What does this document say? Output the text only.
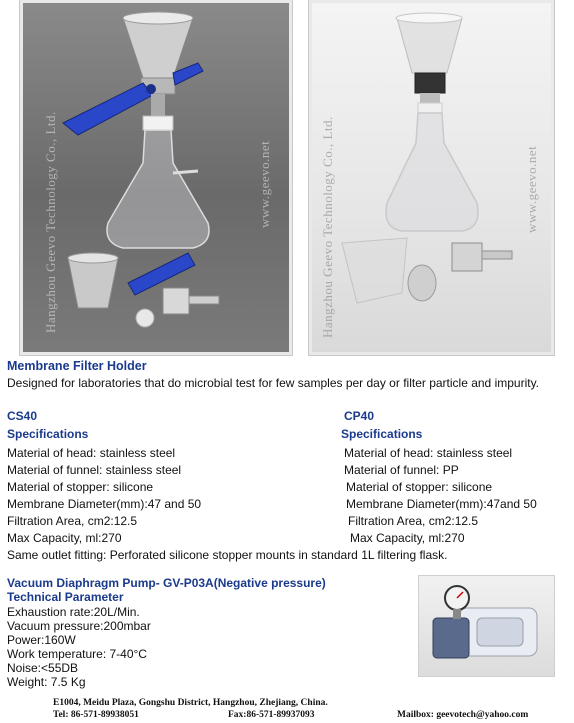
Hangzhou Geevo Technology Co., Ltd.	www.geevo.net	Hangzhou Geevo Technology Co., Ltd.	www.geevo.net
Membrane Filter Holder
Designed for laboratories that do microbial test for few samples per day or filter particle and impurity.
CS40
Specifications
Material of head: stainless steel
Material of funnel: stainless steel
Material of stopper: silicone
Membrane Diameter(mm):47 and 50
Filtration Area, cm2:12.5
Max Capacity, ml:270
CP40
Specifications
Material of head: stainless steel
Material of funnel: PP
Material of stopper: silicone
Membrane Diameter(mm):47and 50
Filtration Area, cm2:12.5
Max Capacity, ml:270
Same outlet fitting: Perforated silicone stopper mounts in standard 1L filtering flask.
Vacuum Diaphragm Pump- GV-P03A(Negative pressure)
Technical Parameter
Exhaustion rate:20L/Min.
Vacuum pressure:200mbar
Power:160W
Work temperature: 7-40°C
Noise:<55DB
Weight: 7.5 Kg
E1004, Meidu Plaza, Gongshu District, Hangzhou, Zhejiang, China.
Tel: 86-571-89938051	Fax:86-571-89937093	Mailbox: geevotech@yahoo.com
